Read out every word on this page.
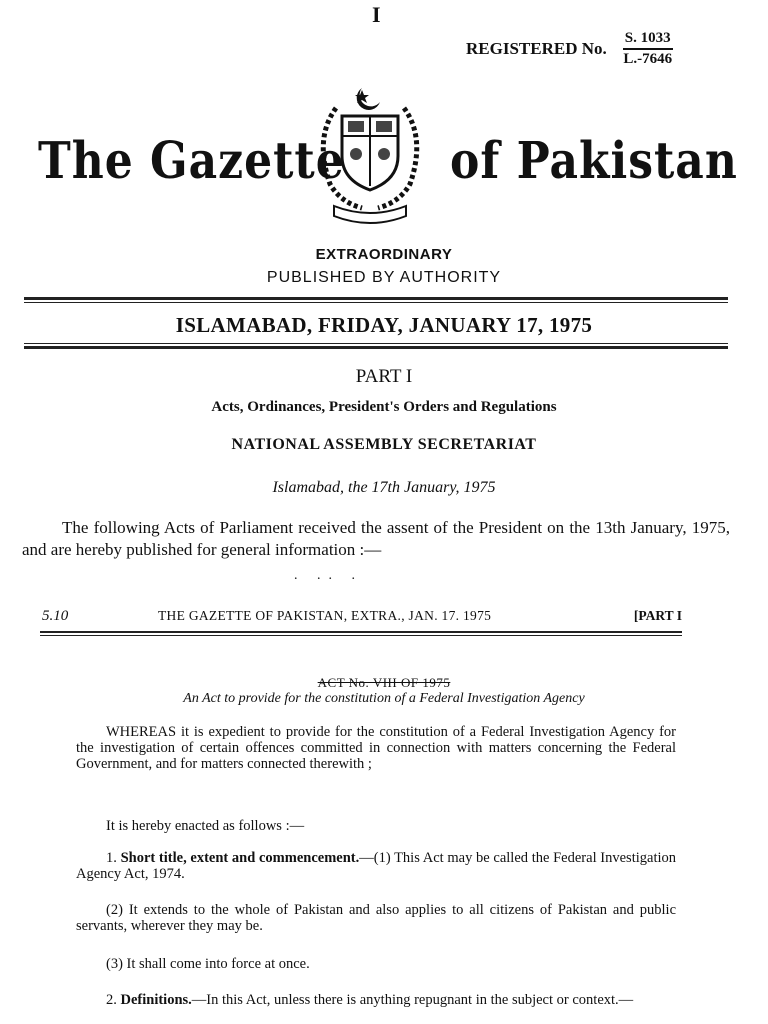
I
REGISTERED No. $\frac{S. 1033}{L.-7646}$
The Gazette of Pakistan
EXTRAORDINARY
PUBLISHED BY AUTHORITY
ISLAMABAD, FRIDAY, JANUARY 17, 1975
PART I
Acts, Ordinances, President's Orders and Regulations
NATIONAL ASSEMBLY SECRETARIAT
Islamabad, the 17th January, 1975
The following Acts of Parliament received the assent of the President on the 13th January, 1975, and are hereby published for general information :—
. .. .
5.10	THE GAZETTE OF PAKISTAN, EXTRA., JAN. 17. 1975	[PART I
ACT No. VIII OF 1975
An Act to provide for the constitution of a Federal Investigation Agency
WHEREAS it is expedient to provide for the constitution of a Federal Investigation Agency for the investigation of certain offences committed in connection with matters concerning the Federal Government, and for matters connected therewith ;
It is hereby enacted as follows :—
1. Short title, extent and commencement.—(1) This Act may be called the Federal Investigation Agency Act, 1974.
(2) It extends to the whole of Pakistan and also applies to all citizens of Pakistan and public servants, wherever they may be.
(3) It shall come into force at once.
2. Definitions.—In this Act, unless there is anything repugnant in the subject or context.—
